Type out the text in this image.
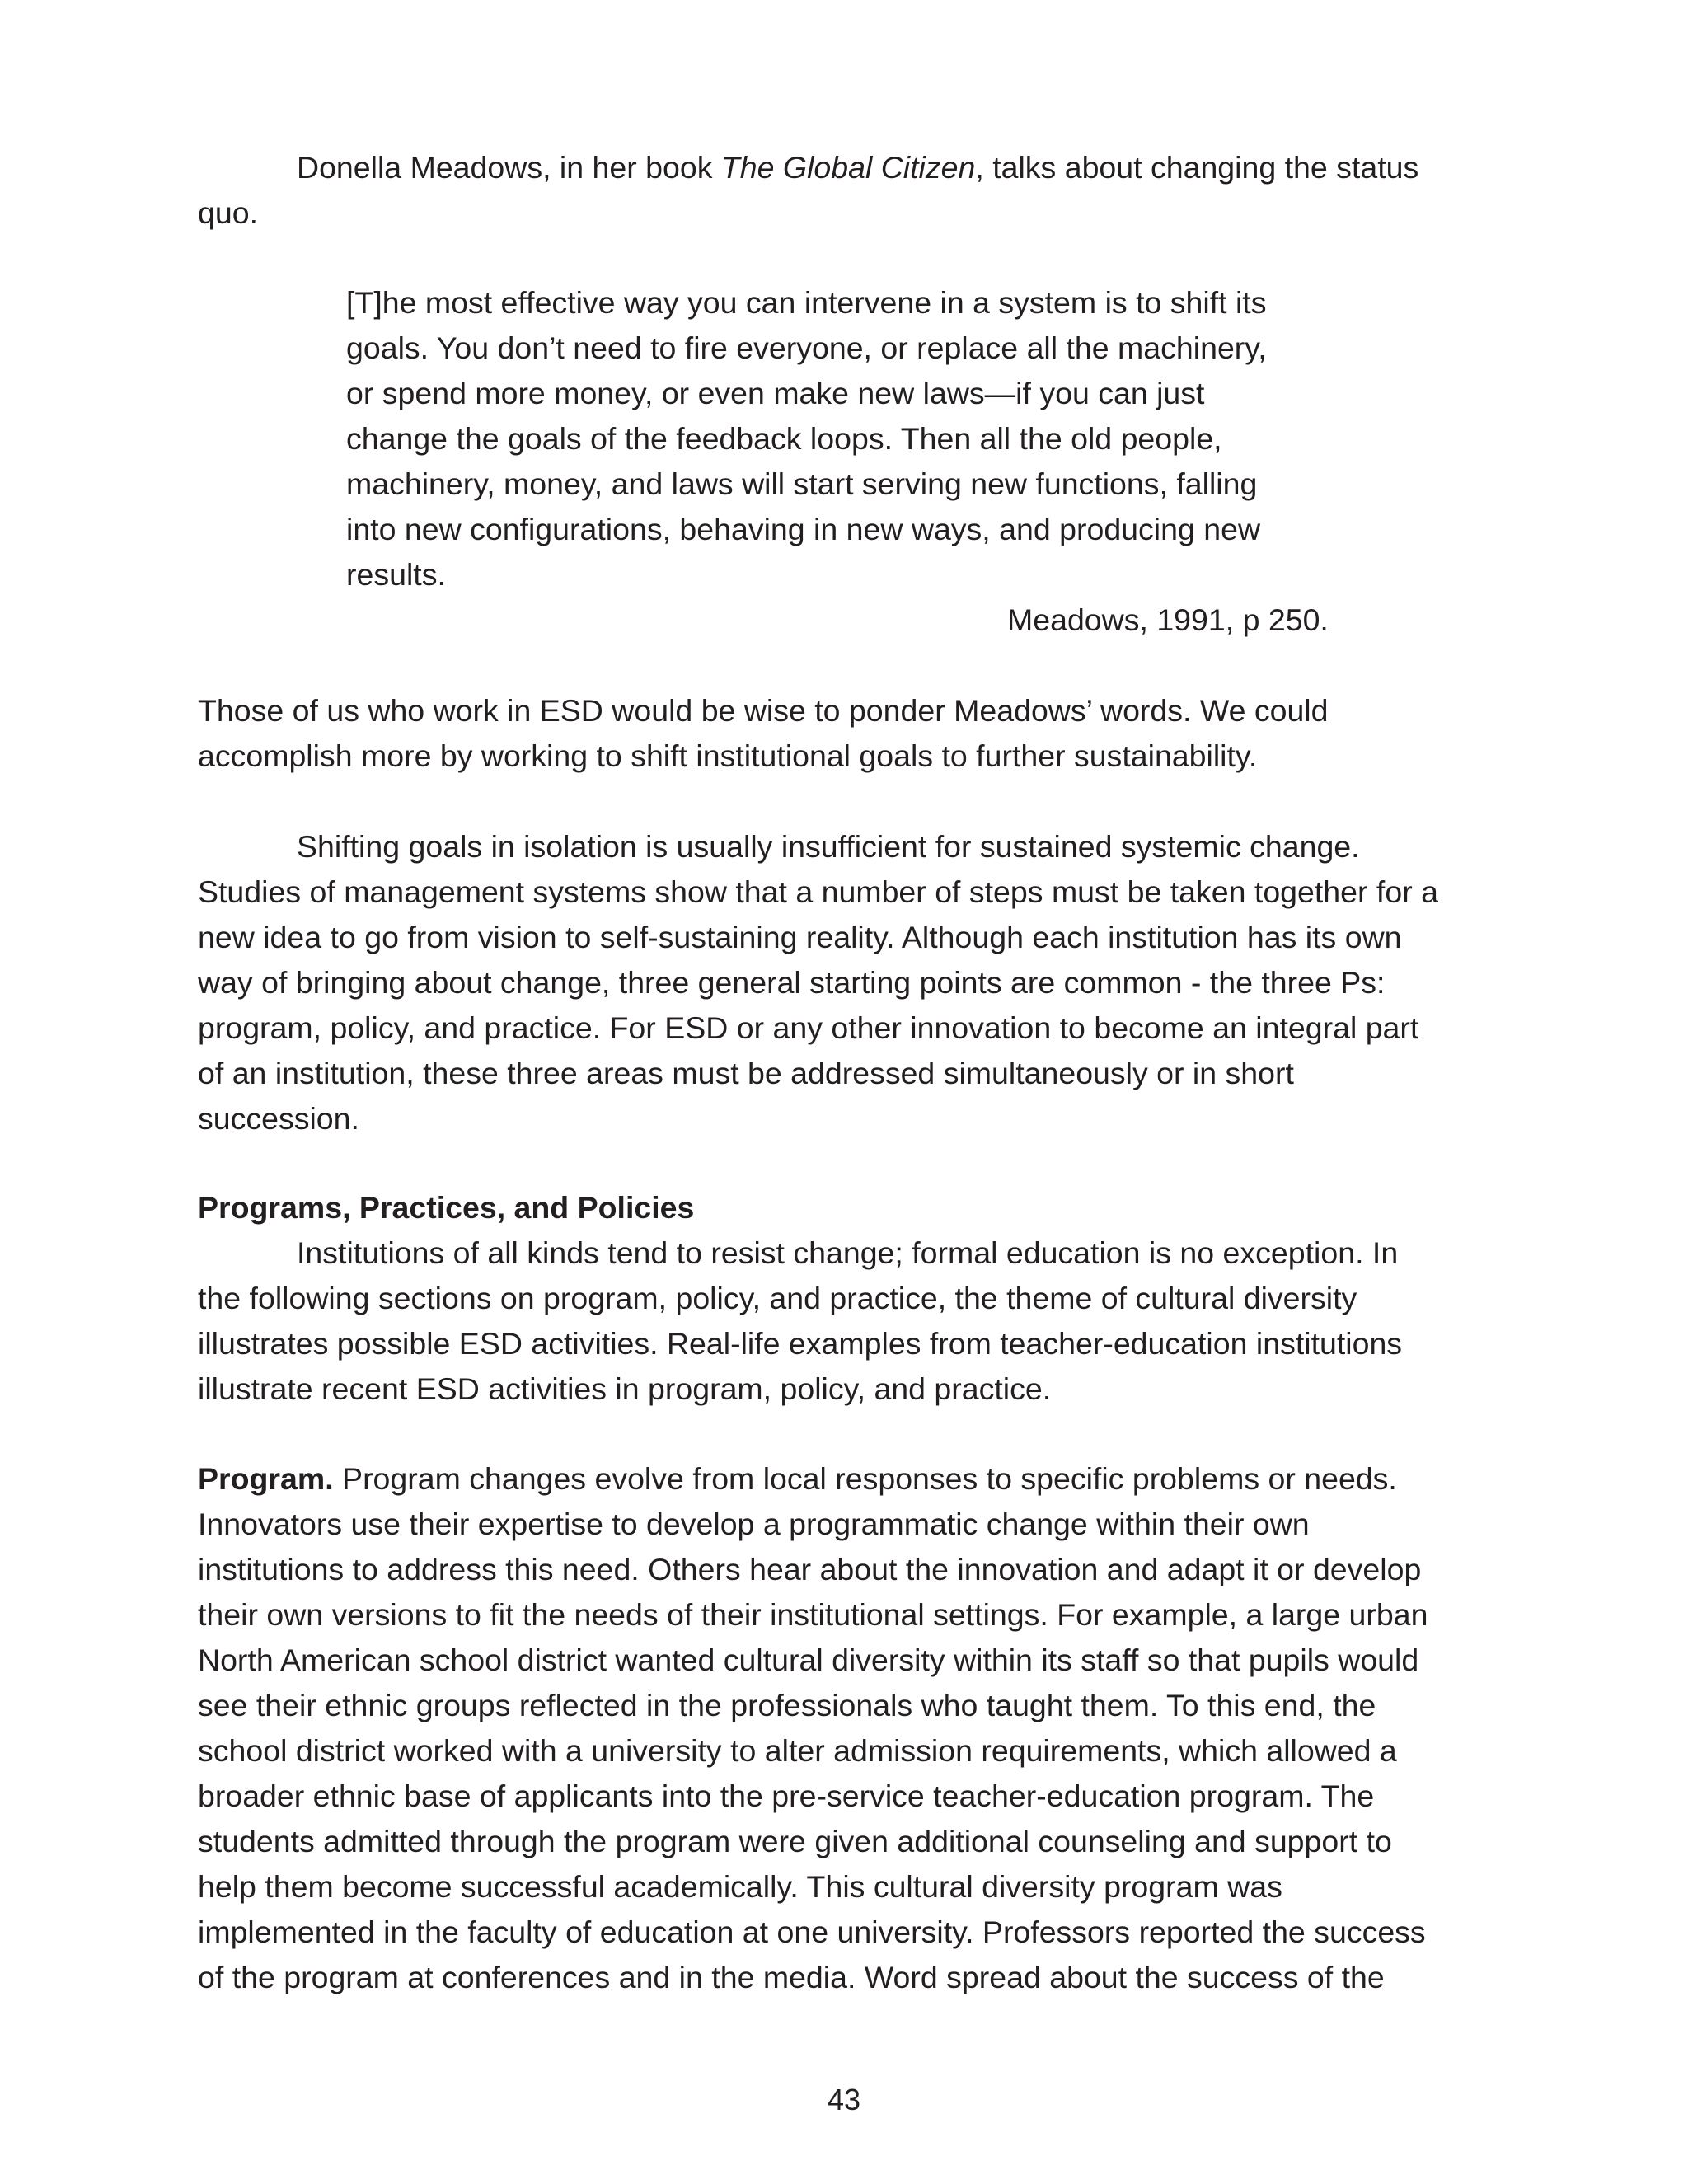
Donella Meadows, in her book The Global Citizen, talks about changing the status
quo.
[T]he most effective way you can intervene in a system is to shift its
goals. You don’t need to fire everyone, or replace all the machinery,
or spend more money, or even make new laws—if you can just
change the goals of the feedback loops. Then all the old people,
machinery, money, and laws will start serving new functions, falling
into new configurations, behaving in new ways, and producing new
results.
Meadows, 1991, p 250.
Those of us who work in ESD would be wise to ponder Meadows’ words. We could
accomplish more by working to shift institutional goals to further sustainability.
Shifting goals in isolation is usually insufficient for sustained systemic change.
Studies of management systems show that a number of steps must be taken together for a
new idea to go from vision to self-sustaining reality. Although each institution has its own
way of bringing about change, three general starting points are common - the three Ps:
program, policy, and practice. For ESD or any other innovation to become an integral part
of an institution, these three areas must be addressed simultaneously or in short
succession.
Programs, Practices, and Policies
Institutions of all kinds tend to resist change; formal education is no exception. In
the following sections on program, policy, and practice, the theme of cultural diversity
illustrates possible ESD activities. Real-life examples from teacher-education institutions
illustrate recent ESD activities in program, policy, and practice.
Program. Program changes evolve from local responses to specific problems or needs.
Innovators use their expertise to develop a programmatic change within their own
institutions to address this need. Others hear about the innovation and adapt it or develop
their own versions to fit the needs of their institutional settings. For example, a large urban
North American school district wanted cultural diversity within its staff so that pupils would
see their ethnic groups reflected in the professionals who taught them. To this end, the
school district worked with a university to alter admission requirements, which allowed a
broader ethnic base of applicants into the pre-service teacher-education program. The
students admitted through the program were given additional counseling and support to
help them become successful academically. This cultural diversity program was
implemented in the faculty of education at one university. Professors reported the success
of the program at conferences and in the media. Word spread about the success of the
43
